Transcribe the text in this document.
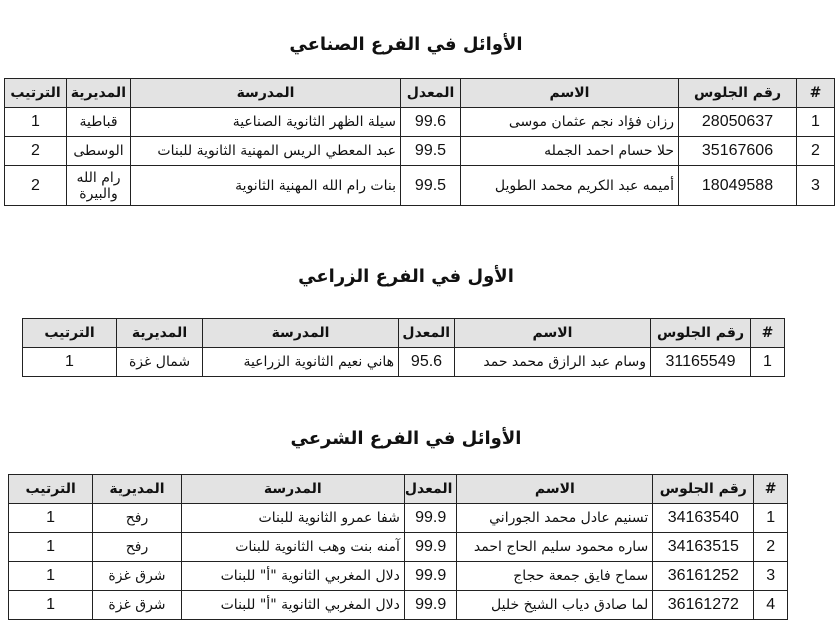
الأوائل في الفرع الصناعي
#	رقم الجلوس	الاسم	المعدل	المدرسة	المديرية	الترتيب
1	28050637	رزان فؤاد نجم عثمان موسى	99.6	سيلة الظهر الثانوية الصناعية	قباطية	1
2	35167606	حلا حسام احمد الجمله	99.5	عبد المعطي الريس المهنية الثانوية للبنات	الوسطى	2
3	18049588	أميمه عبد الكريم محمد الطويل	99.5	بنات رام الله المهنية الثانوية	رام الله والبيرة	2
الأول في الفرع الزراعي
#	رقم الجلوس	الاسم	المعدل	المدرسة	المديرية	الترتيب
1	31165549	وسام عبد الرازق محمد حمد	95.6	هاني نعيم الثانوية الزراعية	شمال غزة	1
الأوائل في الفرع الشرعي
#	رقم الجلوس	الاسم	المعدل	المدرسة	المديرية	الترتيب
1	34163540	تسنيم عادل محمد الجوراني	99.9	شفا عمرو الثانوية للبنات	رفح	1
2	34163515	ساره محمود سليم الحاج احمد	99.9	آمنه بنت وهب الثانوية للبنات	رفح	1
3	36161252	سماح فايق جمعة حجاج	99.9	دلال المغربي الثانوية "أ" للبنات	شرق غزة	1
4	36161272	لما صادق دياب الشيخ خليل	99.9	دلال المغربي الثانوية "أ" للبنات	شرق غزة	1
